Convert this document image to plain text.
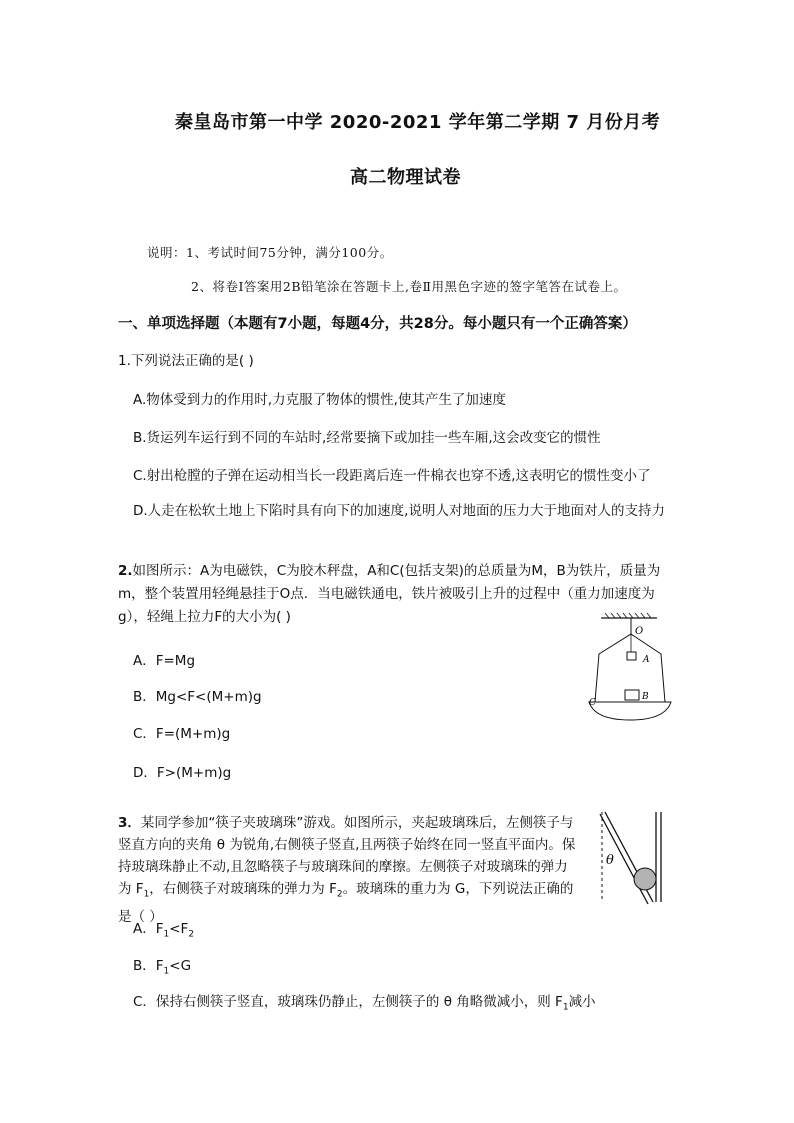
秦皇岛市第一中学 2020-2021 学年第二学期 7 月份月考
高二物理试卷
说明：1、考试时间75分钟，满分100分。
2、将卷Ⅰ答案用2B铅笔涂在答题卡上,卷Ⅱ用黑色字迹的签字笔答在试卷上。
一、单项选择题（本题有7小题，每题4分，共28分。每小题只有一个正确答案）
1.下列说法正确的是( )
A.物体受到力的作用时,力克服了物体的惯性,使其产生了加速度
B.货运列车运行到不同的车站时,经常要摘下或加挂一些车厢,这会改变它的惯性
C.射出枪膛的子弹在运动相当长一段距离后连一件棉衣也穿不透,这表明它的惯性变小了
D.人走在松软土地上下陷时具有向下的加速度,说明人对地面的压力大于地面对人的支持力
2.如图所示：A为电磁铁，C为胶木秤盘，A和C(包括支架)的总质量为M，B为铁片，质量为m，整个装置用轻绳悬挂于O点．当电磁铁通电，铁片被吸引上升的过程中（重力加速度为g），轻绳上拉力F的大小为( )
A．F=Mg
B．Mg<F<(M+m)g
C．F=(M+m)g
D．F>(M+m)g
O
A
B
C
3．某同学参加“筷子夹玻璃珠”游戏。如图所示，夹起玻璃珠后，左侧筷子与竖直方向的夹角 θ 为锐角,右侧筷子竖直,且两筷子始终在同一竖直平面内。保持玻璃珠静止不动,且忽略筷子与玻璃珠间的摩擦。左侧筷子对玻璃珠的弹力为 $F_1$，右侧筷子对玻璃珠的弹力为 $F_2$。玻璃珠的重力为 G，下列说法正确的是（ ）
A．$F_1<F_2$
B．$F_1<G$
C．保持右侧筷子竖直，玻璃珠仍静止，左侧筷子的 θ 角略微减小，则 $F_1$减小
θ
